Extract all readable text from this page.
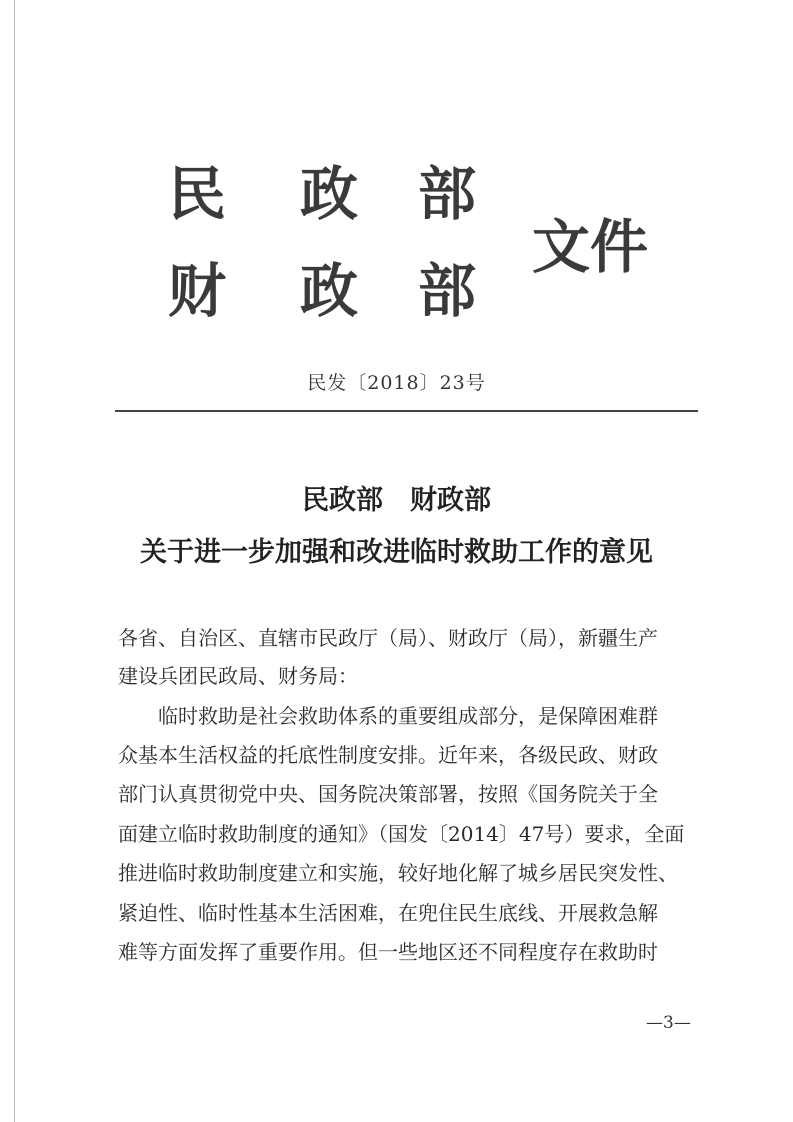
民 政 部
财 政 部
文 件
民发〔2018〕23号
民政部　财政部
关于进一步加强和改进临时救助工作的意见
各省、自治区、直辖市民政厅（局）、财政厅（局），新疆生产
建设兵团民政局、财务局：
临时救助是社会救助体系的重要组成部分，是保障困难群
众基本生活权益的托底性制度安排。近年来，各级民政、财政
部门认真贯彻党中央、国务院决策部署，按照《国务院关于全
面建立临时救助制度的通知》（国发〔2014〕47号）要求，全面
推进临时救助制度建立和实施，较好地化解了城乡居民突发性、
紧迫性、临时性基本生活困难，在兜住民生底线、开展救急解
难等方面发挥了重要作用。但一些地区还不同程度存在救助时
—3—
